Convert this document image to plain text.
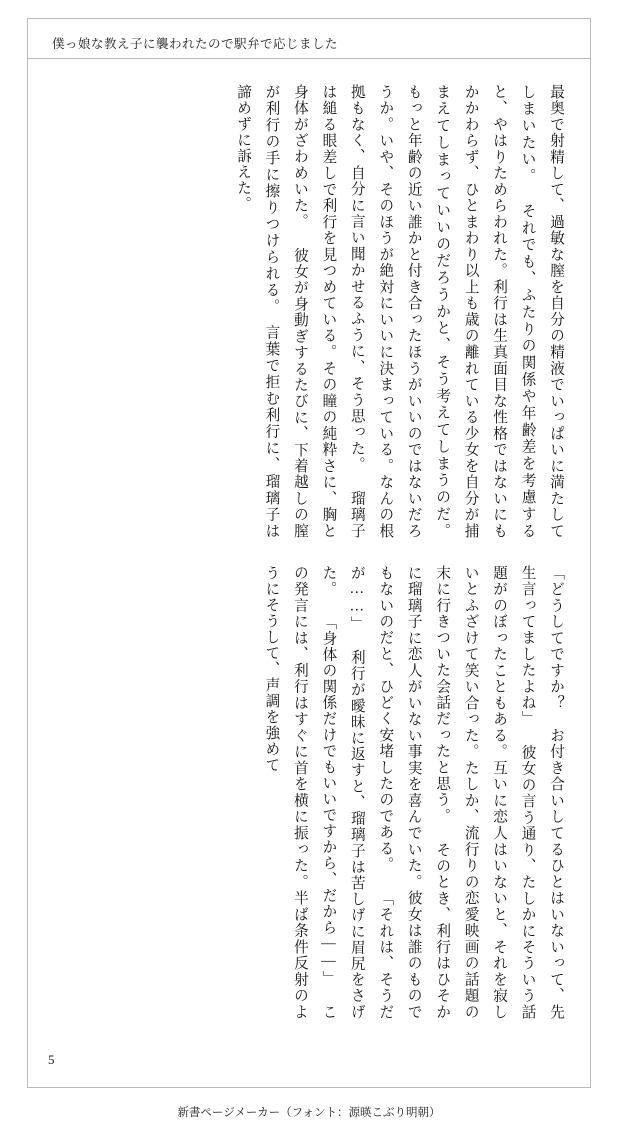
僕っ娘な教え子に襲われたので駅弁で応じました
最奥で射精して、過敏な膣を自分の精液でいっぱいに満たしてしまいたい。 それでも、ふたりの関係や年齢差を考慮すると、やはりためらわれた。利行は生真面目な性格ではないにもかかわらず、ひとまわり以上も歳の離れている少女を自分が捕まえてしまっていいのだろうかと、そう考えてしまうのだ。 もっと年齢の近い誰かと付き合ったほうがいいのではないだろうか。いや、そのほうが絶対にいいに決まっている。なんの根拠もなく、自分に言い聞かせるふうに、そう思った。 瑠璃子は縋る眼差しで利行を見つめている。その瞳の純粋さに、胸と身体がざわめいた。 彼女が身動ぎするたびに、下着越しの膣が利行の手に擦りつけられる。　言葉で拒む利行に、瑠璃子は諦めずに訴えた。
「どうしてですか？　お付き合いしてるひとはいないって、先生言ってましたよね」 彼女の言う通り、たしかにそういう話題がのぼったこともある。互いに恋人はいないと、それを寂しいとふざけて笑い合った。たしか、流行りの恋愛映画の話題の末に行きついた会話だったと思う。 そのとき、利行はひそかに瑠璃子に恋人がいない事実を喜んでいた。彼女は誰のものでもないのだと、ひどく安堵したのである。 「それは、そうだが……」 利行が曖昧に返すと、瑠璃子は苦しげに眉尻をさげた。 「身体の関係だけでもいいですから、だから——」 この発言には、利行はすぐに首を横に振った。半ば条件反射のようにそうして、声調を強めて
5
新書ページメーカー（フォント：源暎こぶり明朝）
